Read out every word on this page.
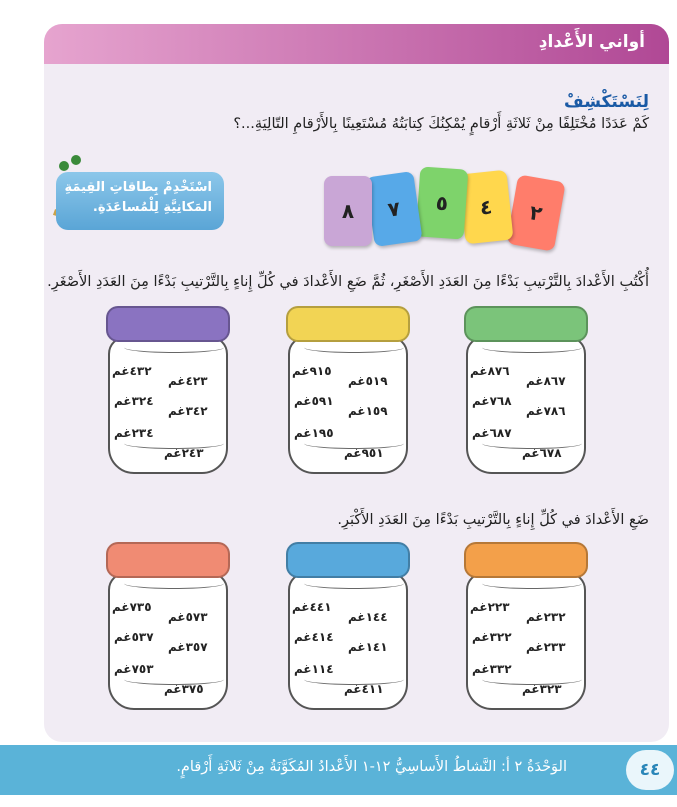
أواني الأَعْدادِ
لِنَسْتَكْشِفْ
كَمْ عَدَدًا مُخْتَلِفًا مِنْ ثَلاثَةِ أَرْقامٍ يُمْكِنُكَ كِتابَتُهُ مُسْتَعِينًا بِالأَرْقامِ التّالِيَةِ...؟
اسْتَخْدِمْ بِطاقاتِ القِيمَةِ
المَكانِيَّةِ لِلْمُساعَدَةِ.	٢
٤
٥
٧
٨
أُكْتُبِ الأَعْدادَ بِالتَّرْتيبِ بَدْءًا مِنَ العَدَدِ الأَصْغَرِ، ثُمَّ ضَعِ الأَعْدادَ في كُلِّ إِناءٍ بِالتَّرْتيبِ بَدْءًا مِنَ العَدَدِ الأَصْغَرِ.
٨٧٦غم
٨٦٧غم
٧٦٨غم
٧٨٦غم
٦٨٧غم
٦٧٨غم
٩١٥غم
٥١٩غم
٥٩١غم
١٥٩غم
١٩٥غم
٩٥١غم
٤٣٢غم
٤٢٣غم
٣٢٤غم
٣٤٢غم
٢٣٤غم
٢٤٣غم
ضَعِ الأَعْدادَ في كُلِّ إِناءٍ بِالتَّرْتيبِ بَدْءًا مِنَ العَدَدِ الأَكْبَرِ.
٢٢٣غم
٢٣٢غم
٣٢٢غم
٢٣٣غم
٣٣٢غم
٣٢٣غم
٤٤١غم
١٤٤غم
٤١٤غم
١٤١غم
١١٤غم
٤١١غم
٧٣٥غم
٥٧٣غم
٥٣٧غم
٣٥٧غم
٧٥٣غم
٣٧٥غم
الوَحْدَةُ ٢ أ: النَّشاطُ الأَساسِيُّ ١٢-١ الأَعْدادُ المُكَوَّنَةُ مِنْ ثَلاثَةِ أَرْقامٍ.	٤٤
